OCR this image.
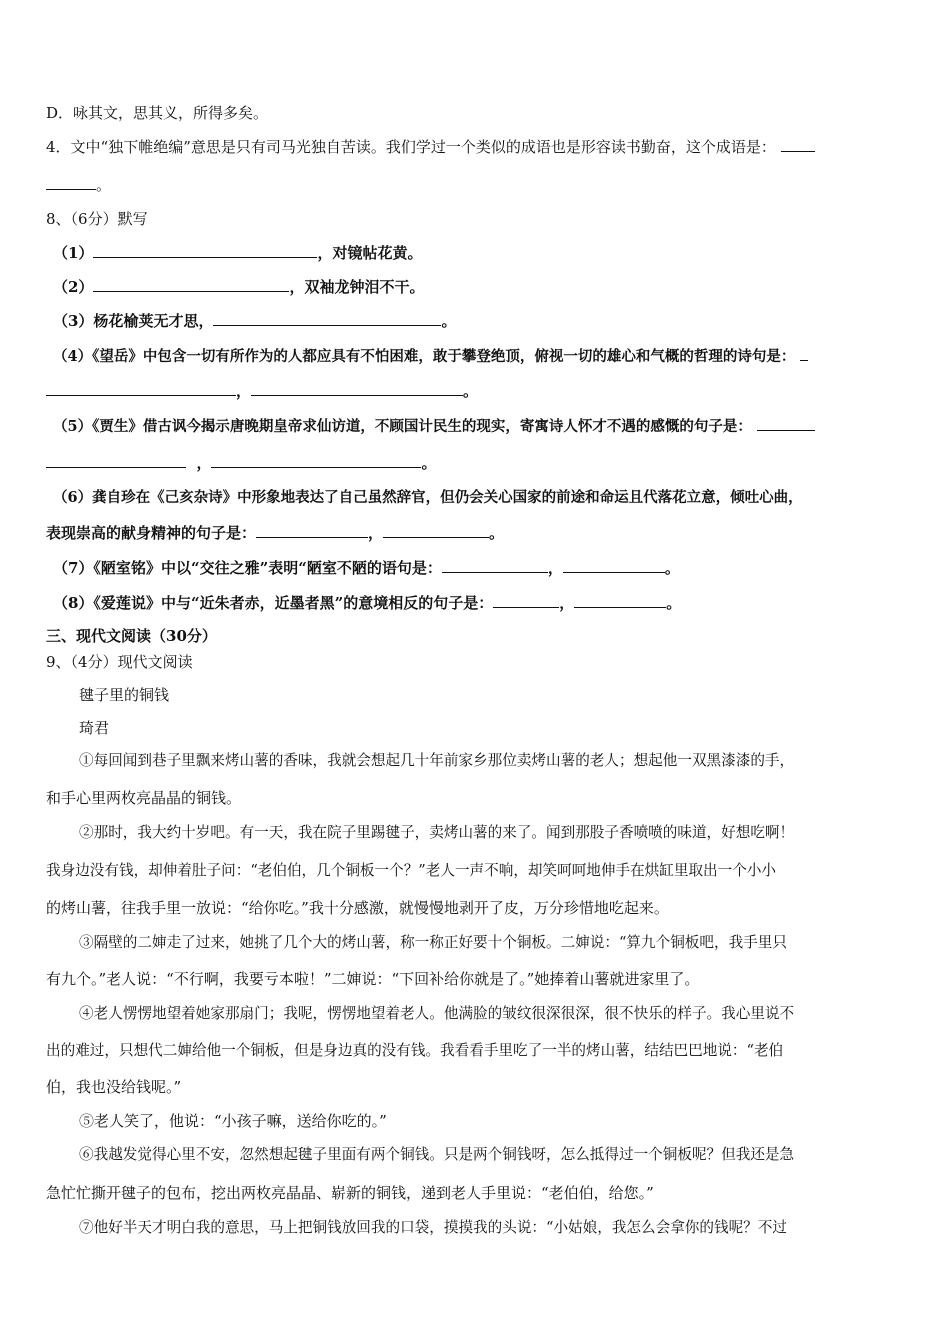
D．咏其文，思其义，所得多矣。
4．文中“独下帷绝编”意思是只有司马光独自苦读。我们学过一个类似的成语也是形容读书勤奋，这个成语是：
。
8、（6分）默写
（1）	，对镜帖花黄。
（2）	，双袖龙钟泪不干。
（3）杨花榆荚无才思，	。
（4）《望岳》中包含一切有所作为的人都应具有不怕困难，敢于攀登绝顶，俯视一切的雄心和气概的哲理的诗句是：
，	。
（5）《贾生》借古讽今揭示唐晚期皇帝求仙访道，不顾国计民生的现实，寄寓诗人怀才不遇的感慨的句子是：
，	。
（6）龚自珍在《己亥杂诗》中形象地表达了自己虽然辞官，但仍会关心国家的前途和命运且代落花立意，倾吐心曲，
表现崇高的献身精神的句子是：	，	。
（7）《陋室铭》中以“交往之雅”表明“陋室不陋的语句是：	，	。
（8）《爱莲说》中与“近朱者赤，近墨者黑”的意境相反的句子是：	，	。
三、现代文阅读（30分）
9、（4分）现代文阅读
毽子里的铜钱
琦君
①每回闻到巷子里飘来烤山薯的香味，我就会想起几十年前家乡那位卖烤山薯的老人；想起他一双黑漆漆的手，
和手心里两枚亮晶晶的铜钱。
②那时，我大约十岁吧。有一天，我在院子里踢毽子，卖烤山薯的来了。闻到那股子香喷喷的味道，好想吃啊！
我身边没有钱，却伸着肚子问：“老伯伯，几个铜板一个？”老人一声不响，却笑呵呵地伸手在烘缸里取出一个小小
的烤山薯，往我手里一放说：“给你吃。”我十分感激，就慢慢地剥开了皮，万分珍惜地吃起来。
③隔壁的二婶走了过来，她挑了几个大的烤山薯，称一称正好要十个铜板。二婶说：“算九个铜板吧，我手里只
有九个。”老人说：“不行啊，我要亏本啦！”二婶说：“下回补给你就是了。”她捧着山薯就进家里了。
④老人愣愣地望着她家那扇门；我呢，愣愣地望着老人。他满脸的皱纹很深很深，很不快乐的样子。我心里说不
出的难过，只想代二婶给他一个铜板，但是身边真的没有钱。我看看手里吃了一半的烤山薯，结结巴巴地说：“老伯
伯，我也没给钱呢。”
⑤老人笑了，他说：“小孩子嘛，送给你吃的。”
⑥我越发觉得心里不安，忽然想起毽子里面有两个铜钱。只是两个铜钱呀，怎么抵得过一个铜板呢？但我还是急
急忙忙撕开毽子的包布，挖出两枚亮晶晶、崭新的铜钱，递到老人手里说：“老伯伯，给您。”
⑦他好半天才明白我的意思，马上把铜钱放回我的口袋，摸摸我的头说：“小姑娘，我怎么会拿你的钱呢？不过
